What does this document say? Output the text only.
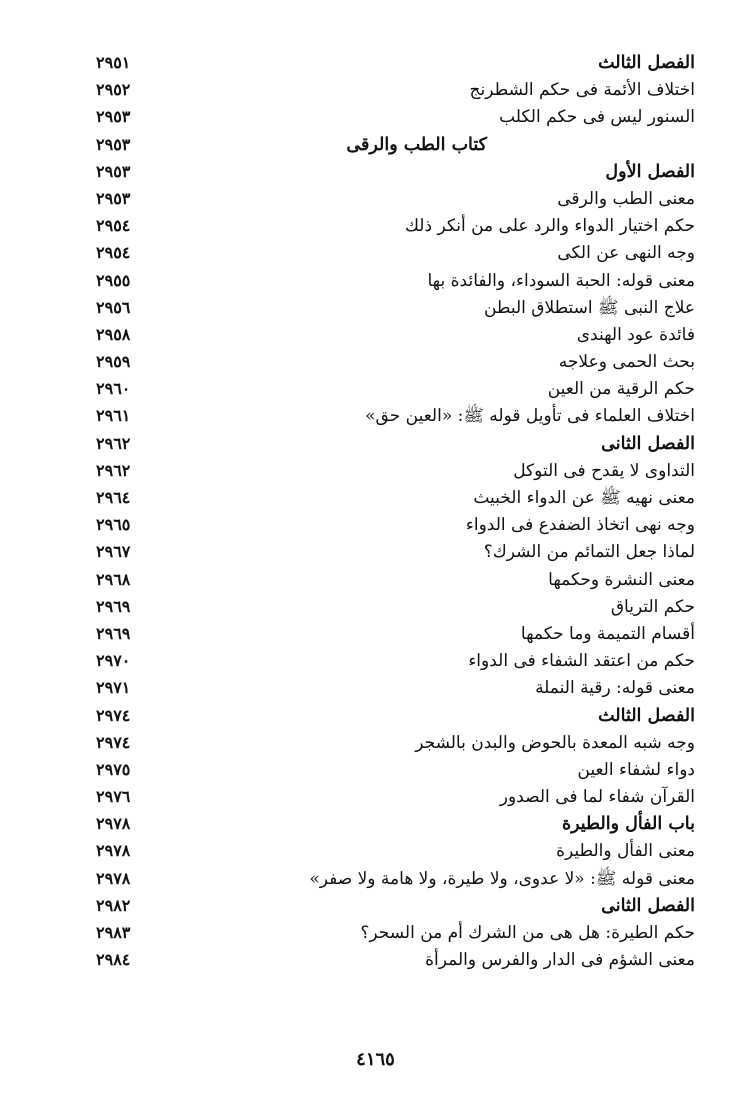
الفصل الثالث
٢٩٥١
اختلاف الأئمة فى حكم الشطرنج
٢٩٥٢
السنور ليس فى حكم الكلب
٢٩٥٣
كتاب الطب والرقى
٢٩٥٣
الفصل الأول
٢٩٥٣
معنى الطب والرقى
٢٩٥٣
حكم اختيار الدواء والرد على من أنكر ذلك
٢٩٥٤
وجه النهى عن الكى
٢٩٥٤
معنى قوله: الحبة السوداء، والفائدة بها
٢٩٥٥
علاج النبى ﷺ استطلاق البطن
٢٩٥٦
فائدة عود الهندى
٢٩٥٨
بحث الحمى وعلاجه
٢٩٥٩
حكم الرقية من العين
٢٩٦٠
اختلاف العلماء فى تأويل قوله ﷺ: «العين حق»
٢٩٦١
الفصل الثانى
٢٩٦٢
التداوى لا يقدح فى التوكل
٢٩٦٢
معنى نهيه ﷺ عن الدواء الخبيث
٢٩٦٤
وجه نهى اتخاذ الضفدع فى الدواء
٢٩٦٥
لماذا جعل التمائم من الشرك؟
٢٩٦٧
معنى النشرة وحكمها
٢٩٦٨
حكم الترياق
٢٩٦٩
أقسام التميمة وما حكمها
٢٩٦٩
حكم من اعتقد الشفاء فى الدواء
٢٩٧٠
معنى قوله: رقية النملة
٢٩٧١
الفصل الثالث
٢٩٧٤
وجه شبه المعدة بالحوض والبدن بالشجر
٢٩٧٤
دواء لشفاء العين
٢٩٧٥
القرآن شفاء لما فى الصدور
٢٩٧٦
باب الفأل والطيرة
٢٩٧٨
معنى الفأل والطيرة
٢٩٧٨
معنى قوله ﷺ: «لا عدوى، ولا طيرة، ولا هامة ولا صفر»
٢٩٧٨
الفصل الثانى
٢٩٨٢
حكم الطيرة: هل هى من الشرك أم من السحر؟
٢٩٨٣
معنى الشؤم فى الدار والفرس والمرأة
٢٩٨٤
٤١٦٥
